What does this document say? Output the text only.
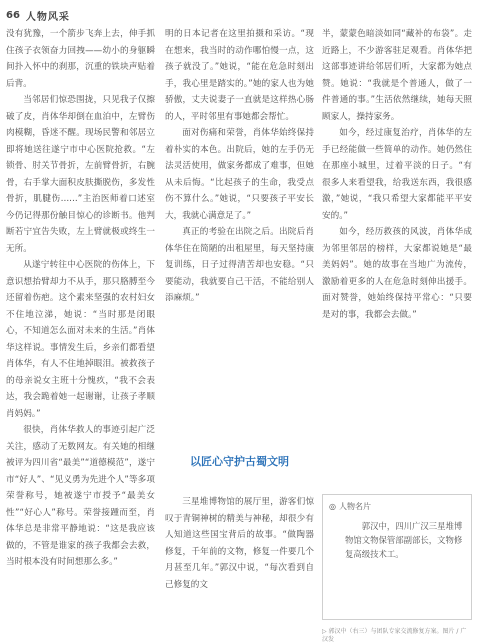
66 人物风采

没有犹豫，一个箭步飞奔上去，伸手抓住孩子衣领奋力回拽——幼小的身躯瞬间扑入怀中的刹那，沉重的铁块声贴着后背。

当邻居们惊恐围拢，只见我子仅擦破了皮，肖体华却倒在血泊中，左臂伤肉模糊，昏迷不醒。现场民警和邻居立即将她送往遂宁市中心医院抢救。“左锁骨、肘关节骨折，左前臂骨折，右腕骨，右手掌大面积皮肤撕脱伤，多发性骨折，肌腱伤……”主治医师着口述室今仍记得那份触目惊心的诊断书。他判断若宁宜告失败，左上臂就极或终生一无所。

从遂宁转往中心医院的伤体上，下意识想抬臂却力不从手，那只胳膊至今还留着伤疤。这个素来坚强的农村妇女不住地泣涕，她说：“当时那是闭眼心，不知道怎么面对未来的生活。”肖体华这样说。事情发生后，乡亲们都看望肖体华，有人不住地掉眼泪。被救孩子的母亲说女主班十分愧疚，“我不会表达，我会跪着她一起谢谢，让孩子孝顺肖妈妈。”

很快，肖体华救人的事迹引起广泛关注，感动了无数网友。有关她的相继被评为四川省“最美”“道德模范”，遂宁市“好人”、“见义勇为先进个人”等多项荣誉称号，她被遂宁市授予“最美女性”“好心人”称号。荣誉接踵而至，肖体华总是非常平静地说：“这是我应该做的，不管是谁家的孩子我都会去救，当时根本没有时间想那么多。”

明的日本记者在这里拍摄和采访。“现在想来，我当时的动作哪怕慢一点，这孩子就没了。”她说，“能在危急时刻出手，我心里是踏实的。”她的家人也为她骄傲，丈夫说妻子一直就是这样热心肠的人，平时邻里有事她都会帮忙。

面对伤痛和荣誉，肖体华始终保持着朴实的本色。出院后，她的左手仍无法灵活使用，做家务都成了难事，但她从未后悔。“比起孩子的生命，我受点伤不算什么。”她说，“只要孩子平安长大，我就心满意足了。”

真正的考验在出院之后。出院后肖体华住在简陋的出租屋里，每天坚持康复训练，日子过得清苦却也安稳。“只要能动，我就要自己干活，不能给别人添麻烦。”

以匠心守护古蜀文明

三星堆博物馆的展厅里，游客们惊叹于青铜神树的精美与神秘，却很少有人知道这些国宝背后的故事。“做陶器修复，千年前的文物，修复一件要几个月甚至几年。”郭汉中说，“每次看到自己修复的文

半，蒙蒙色暗淡如同“藏补的布袋”。走近路上，不少游客驻足观看。肖体华把这部事迹讲给邻居们听，大家都为她点赞。她说：“我就是个普通人，做了一件普通的事。”生活依然继续，她每天照顾家人，操持家务。

如今，经过康复治疗，肖体华的左手已经能做一些简单的动作。她仍然住在那座小城里，过着平淡的日子。“有很多人来看望我，给我送东西，我很感激，”她说，“我只希望大家都能平平安安的。”

如今，经历救孩的风波，肖体华成为邻里邻居的榜样，大家都说她是“最美妈妈”。她的故事在当地广为流传，激励着更多的人在危急时刻伸出援手。面对赞誉，她始终保持平常心：“只要是对的事，我都会去做。”

◎ 人物名片
郭汉中，四川广汉三星堆博物馆文物保管部副部长，文物修复高级技术工。
▷ 郭汉中（右三）与团队专家交流修复方案。图片 / 广汉发
